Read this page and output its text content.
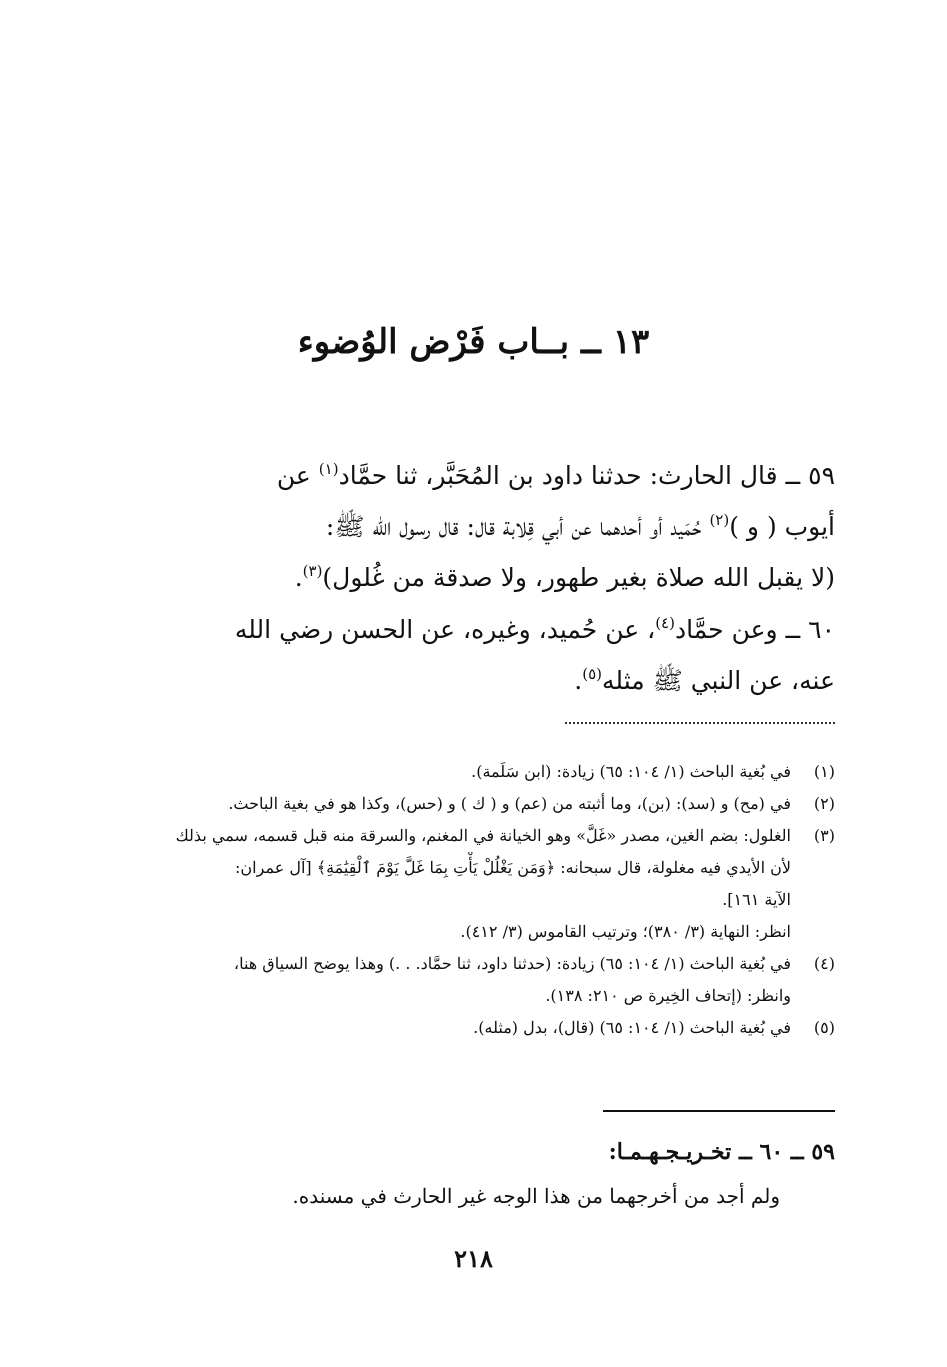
١٣ ــ بــاب فَرْض الوُضوء
٥٩ ــ قال الحارث: حدثنا داود بن المُحَبَّر، ثنا حمَّاد$^{(١)}$ عن
أيوب ( و )$^{(٢)}$ حُمَيد أو أحدهما عن أبي قِلابة قال: قال رسول الله ﷺ:
(لا يقبل الله صلاة بغير طهور، ولا صدقة من غُلول)$^{(٣)}$.
٦٠ ــ وعن حمَّاد$^{(٤)}$، عن حُميد، وغيره، عن الحسن رضي الله
عنه، عن النبي ﷺ مثله$^{(٥)}$.
(١)
في بُغية الباحث (١/ ١٠٤: ٦٥) زيادة: (ابن سَلَمة).
(٢)
في (مح) و (سد): (بن)، وما أثبته من (عم) و ( ك ) و (حس)، وكذا هو في بغية الباحث.
(٣)
الغلول: بضم الغين، مصدر «غَلَّ» وهو الخيانة في المغنم، والسرقة منه قبل قسمه، سمي بذلك
لأن الأيدي فيه مغلولة، قال سبحانه: ﴿وَمَن يَغْلُلْ يَأْتِ بِمَا غَلَّ يَوْمَ ٱلْقِيَٰمَةِ﴾ [آل عمران:
الآية ١٦١].
انظر: النهاية (٣/ ٣٨٠)؛ وترتيب القاموس (٣/ ٤١٢).
(٤)
في بُغية الباحث (١/ ١٠٤: ٦٥) زيادة: (حدثنا داود، ثنا حمَّاد. . .) وهذا يوضح السياق هنا،
وانظر: (إتحاف الخِيرة ص ٢١٠: ١٣٨).
(٥)
في بُغية الباحث (١/ ١٠٤: ٦٥) (قال)، بدل (مثله).
٥٩ ــ ٦٠ ــ تخـريـجـهـمـا:
ولم أجد من أخرجهما من هذا الوجه غير الحارث في مسنده.
٢١٨
